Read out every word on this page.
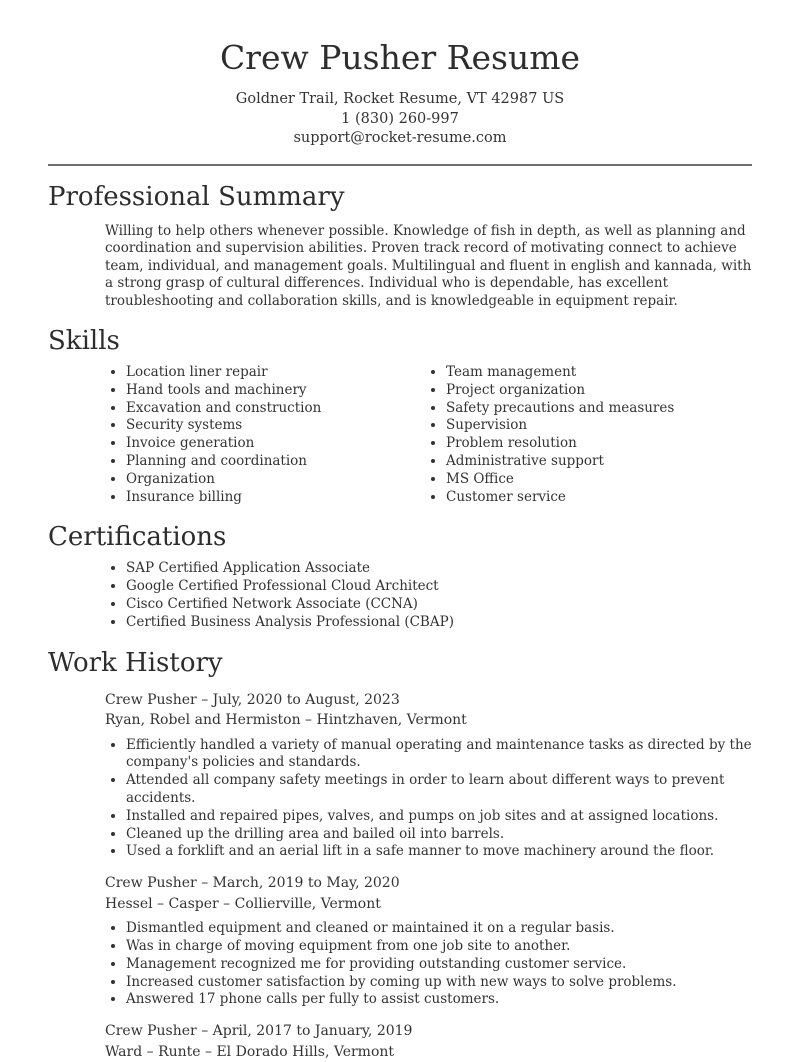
Crew Pusher Resume

Goldner Trail, Rocket Resume, VT 42987 US

1 (830) 260-997

support@rocket-resume.com

Professional Summary

Willing to help others whenever possible. Knowledge of fish in depth, as well as planning and coordination and supervision abilities. Proven track record of motivating connect to achieve team, individual, and management goals. Multilingual and fluent in english and kannada, with a strong grasp of cultural differences. Individual who is dependable, has excellent troubleshooting and collaboration skills, and is knowledgeable in equipment repair.

Skills
• Location liner repair
• Hand tools and machinery
• Excavation and construction
• Security systems
• Invoice generation
• Planning and coordination
• Organization
• Insurance billing
• Team management
• Project organization
• Safety precautions and measures
• Supervision
• Problem resolution
• Administrative support
• MS Office
• Customer service
Certifications
• SAP Certified Application Associate
• Google Certified Professional Cloud Architect
• Cisco Certified Network Associate (CCNA)
• Certified Business Analysis Professional (CBAP)
Work History

Crew Pusher – July, 2020 to August, 2023

Ryan, Robel and Hermiston – Hintzhaven, Vermont

• Efficiently handled a variety of manual operating and maintenance tasks as directed by the company's policies and standards.
• Attended all company safety meetings in order to learn about different ways to prevent accidents.
• Installed and repaired pipes, valves, and pumps on job sites and at assigned locations.
• Cleaned up the drilling area and bailed oil into barrels.
• Used a forklift and an aerial lift in a safe manner to move machinery around the floor.

Crew Pusher – March, 2019 to May, 2020

Hessel – Casper – Collierville, Vermont

• Dismantled equipment and cleaned or maintained it on a regular basis.
• Was in charge of moving equipment from one job site to another.
• Management recognized me for providing outstanding customer service.
• Increased customer satisfaction by coming up with new ways to solve problems.
• Answered 17 phone calls per fully to assist customers.

Crew Pusher – April, 2017 to January, 2019

Ward – Runte – El Dorado Hills, Vermont
